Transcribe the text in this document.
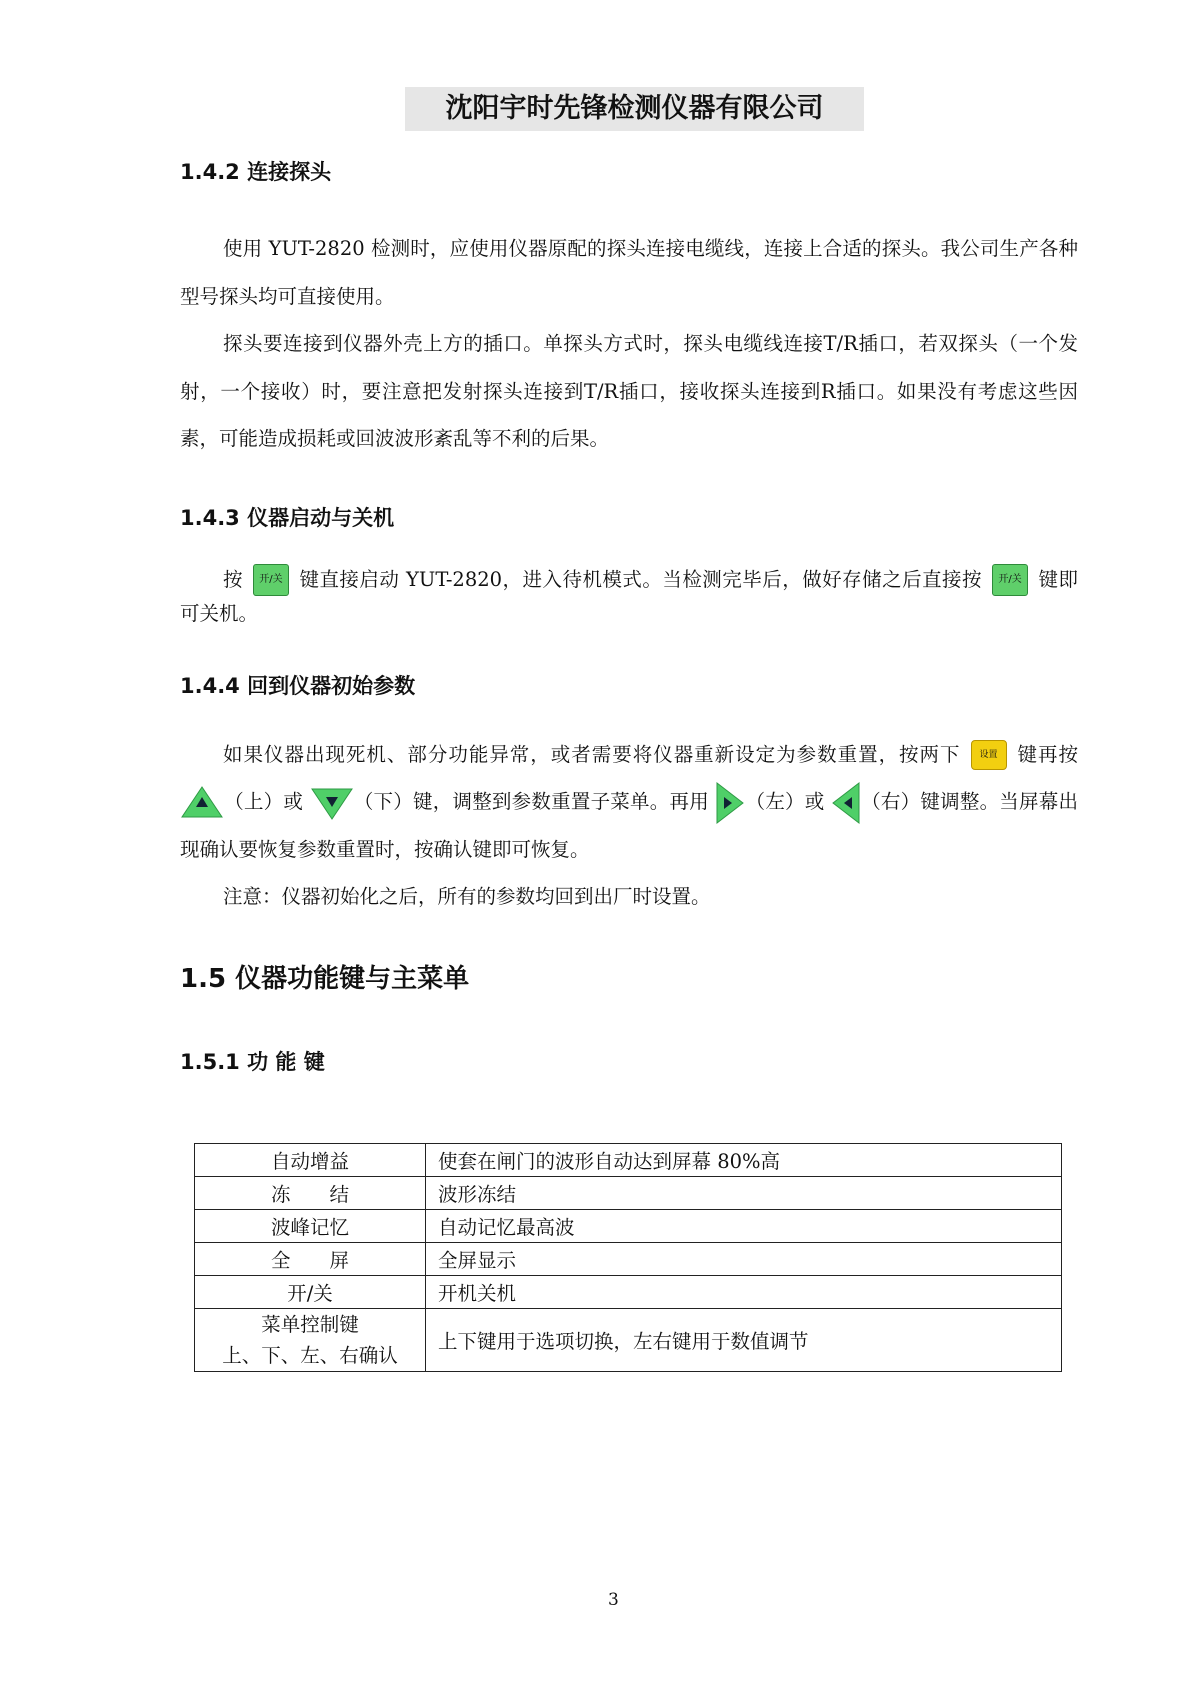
沈阳宇时先锋检测仪器有限公司
1.4.2 连接探头
使用 YUT-2820 检测时，应使用仪器原配的探头连接电缆线，连接上合适的探头。我公司生产各种型号探头均可直接使用。
探头要连接到仪器外壳上方的插口。单探头方式时，探头电缆线连接T/R插口，若双探头（一个发射，一个接收）时，要注意把发射探头连接到T/R插口，接收探头连接到R插口。如果没有考虑这些因素，可能造成损耗或回波波形紊乱等不利的后果。
1.4.3 仪器启动与关机
按 开/关 键直接启动 YUT-2820，进入待机模式。当检测完毕后，做好存储之后直接按 开/关 键即可关机。
1.4.4 回到仪器初始参数
如果仪器出现死机、部分功能异常，或者需要将仪器重新设定为参数重置，按两下 设置 键再按 （上）或	（下）键，调整到参数重置子菜单。再用 （左）或 （右）键调整。当屏幕出现确认要恢复参数重置时，按确认键即可恢复。
注意：仪器初始化之后，所有的参数均回到出厂时设置。
1.5 仪器功能键与主菜单
1.5.1 功 能 键
自动增益	使套在闸门的波形自动达到屏幕 80%高
冻　　结	波形冻结
波峰记忆	自动记忆最高波
全　　屏	全屏显示
开/关	开机关机

菜单控制键
上、下、左、右确认	上下键用于选项切换，左右键用于数值调节
3
